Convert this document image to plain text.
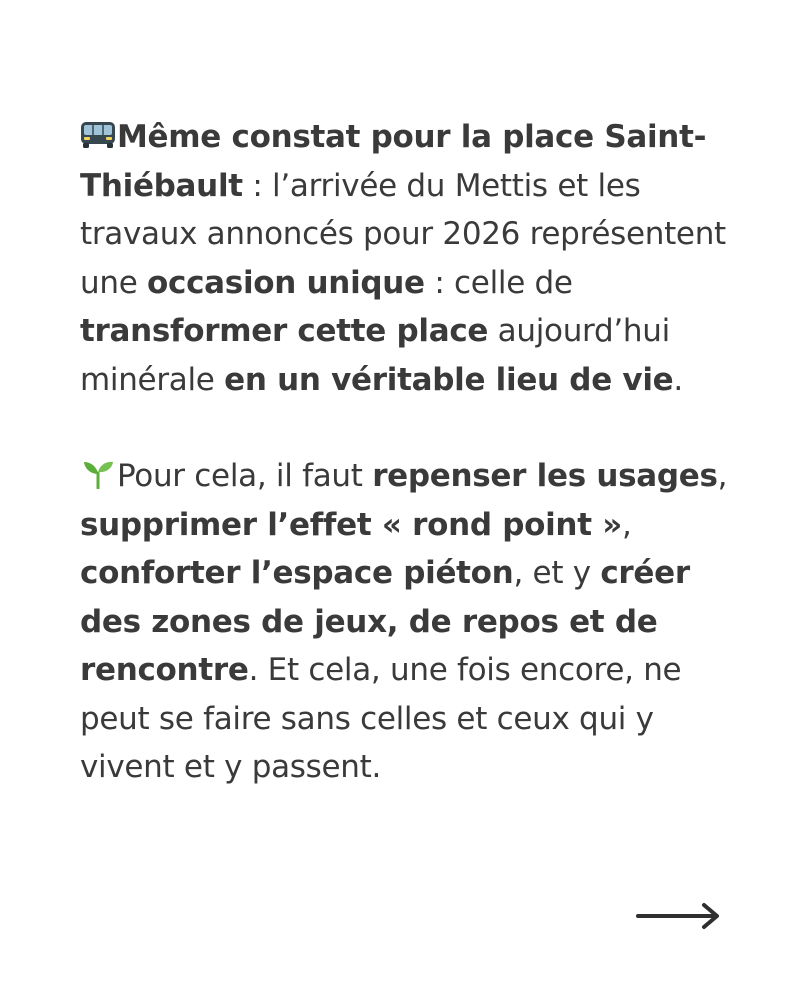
Même constat pour la place Saint-Thiébault : l’arrivée du Mettis et les travaux annoncés pour 2026 représentent une occasion unique : celle de transformer cette place aujourd’hui minérale en un véritable lieu de vie.

Pour cela, il faut repenser les usages, supprimer l’effet « rond point », conforter l’espace piéton, et y créer des zones de jeux, de repos et de rencontre. Et cela, une fois encore, ne peut se faire sans celles et ceux qui y vivent et y passent.
